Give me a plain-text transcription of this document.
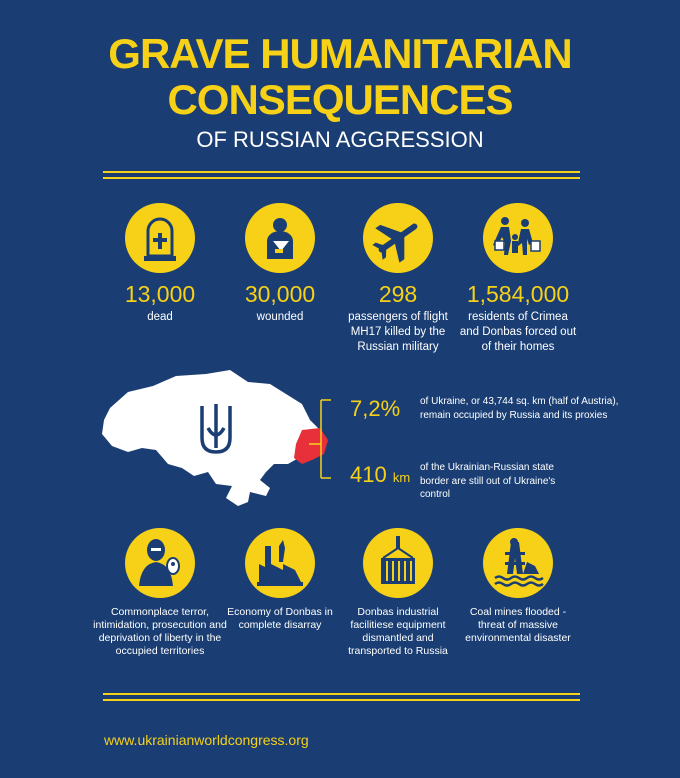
GRAVE HUMANITARIAN
CONSEQUENCES
OF RUSSIAN AGGRESSION
13,000	30,000	298	1,584,000
dead	wounded	passengers of flight MH17 killed by the Russian military
residents of Crimea and Donbas forced out of their homes
7,2% of Ukraine, or 43,744 sq. km (half of Austria), remain occupied by Russia and its proxies
410 km
of the Ukrainian-Russian state border are still out of Ukraine's control
Commonplace terror, intimidation, prosecution and deprivation of liberty in the occupied territories
Economy of Donbas in complete disarray
Donbas industrial facilitiese equipment dismantled and transported to Russia
Coal mines flooded - threat of massive environmental disaster
www.ukrainianworldcongress.org
